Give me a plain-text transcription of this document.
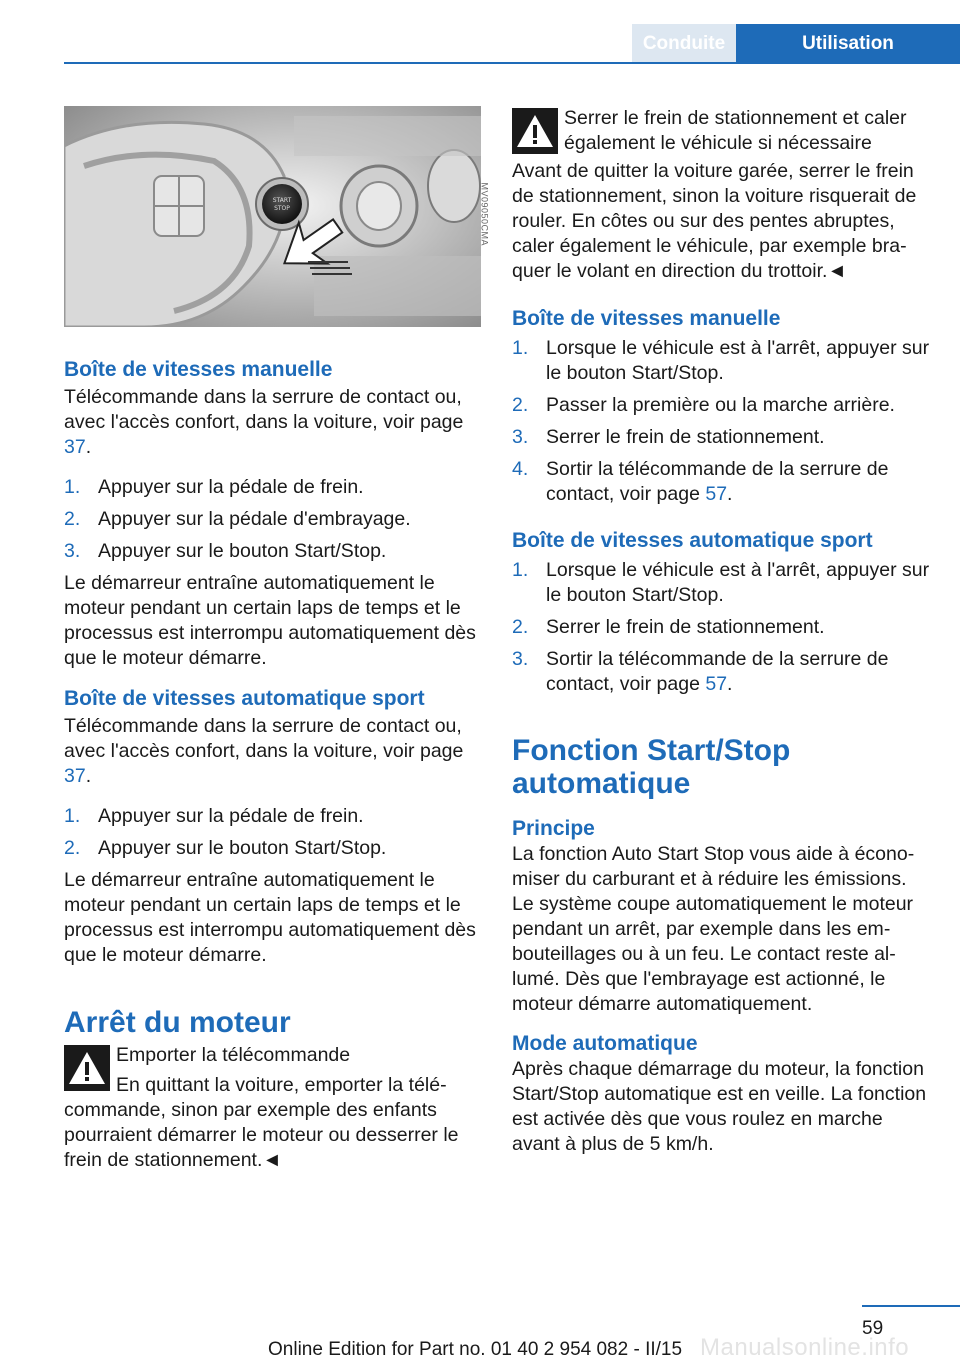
Conduite	Utilisation
START
STOP	MV09050CMA
Boîte de vitesses manuelle

Télécommande dans la serrure de contact ou, avec l'accès confort, dans la voiture, voir page 37.

1. Appuyer sur la pédale de frein.
2. Appuyer sur la pédale d'embrayage.
3. Appuyer sur le bouton Start/Stop.

Le démarreur entraîne automatiquement le moteur pendant un certain laps de temps et le processus est interrompu automatiquement dès que le moteur démarre.

Boîte de vitesses automatique sport

Télécommande dans la serrure de contact ou, avec l'accès confort, dans la voiture, voir page 37.

1. Appuyer sur la pédale de frein.
2. Appuyer sur le bouton Start/Stop.

Le démarreur entraîne automatiquement le moteur pendant un certain laps de temps et le processus est interrompu automatiquement dès que le moteur démarre.

Arrêt du moteur

Emporter la télécommande

En quittant la voiture, emporter la télécommande, sinon par exemple des enfants pourraient démarrer le moteur ou desserrer le frein de stationnement.◄

Serrer le frein de stationnement et caler également le véhicule si nécessaire

Avant de quitter la voiture garée, serrer le frein de stationnement, sinon la voiture risquerait de rouler. En côtes ou sur des pentes abruptes, caler également le véhicule, par exemple braquer le volant en direction du trottoir.◄

Boîte de vitesses manuelle
1. Lorsque le véhicule est à l'arrêt, appuyer sur le bouton Start/Stop.
2. Passer la première ou la marche arrière.
3. Serrer le frein de stationnement.
4. Sortir la télécommande de la serrure de contact, voir page 57.
Boîte de vitesses automatique sport
1. Lorsque le véhicule est à l'arrêt, appuyer sur le bouton Start/Stop.
2. Serrer le frein de stationnement.
3. Sortir la télécommande de la serrure de contact, voir page 57.
Fonction Start/Stop automatique
Principe

La fonction Auto Start Stop vous aide à économiser du carburant et à réduire les émissions. Le système coupe automatiquement le moteur pendant un arrêt, par exemple dans les embouteillages ou à un feu. Le contact reste allumé. Dès que l'embrayage est actionné, le moteur démarre automatiquement.

Mode automatique

Après chaque démarrage du moteur, la fonction Start/Stop automatique est en veille. La fonction est activée dès que vous roulez en marche avant à plus de 5 km/h.

59
Manualsonline.info
Online Edition for Part no. 01 40 2 954 082 - II/15
